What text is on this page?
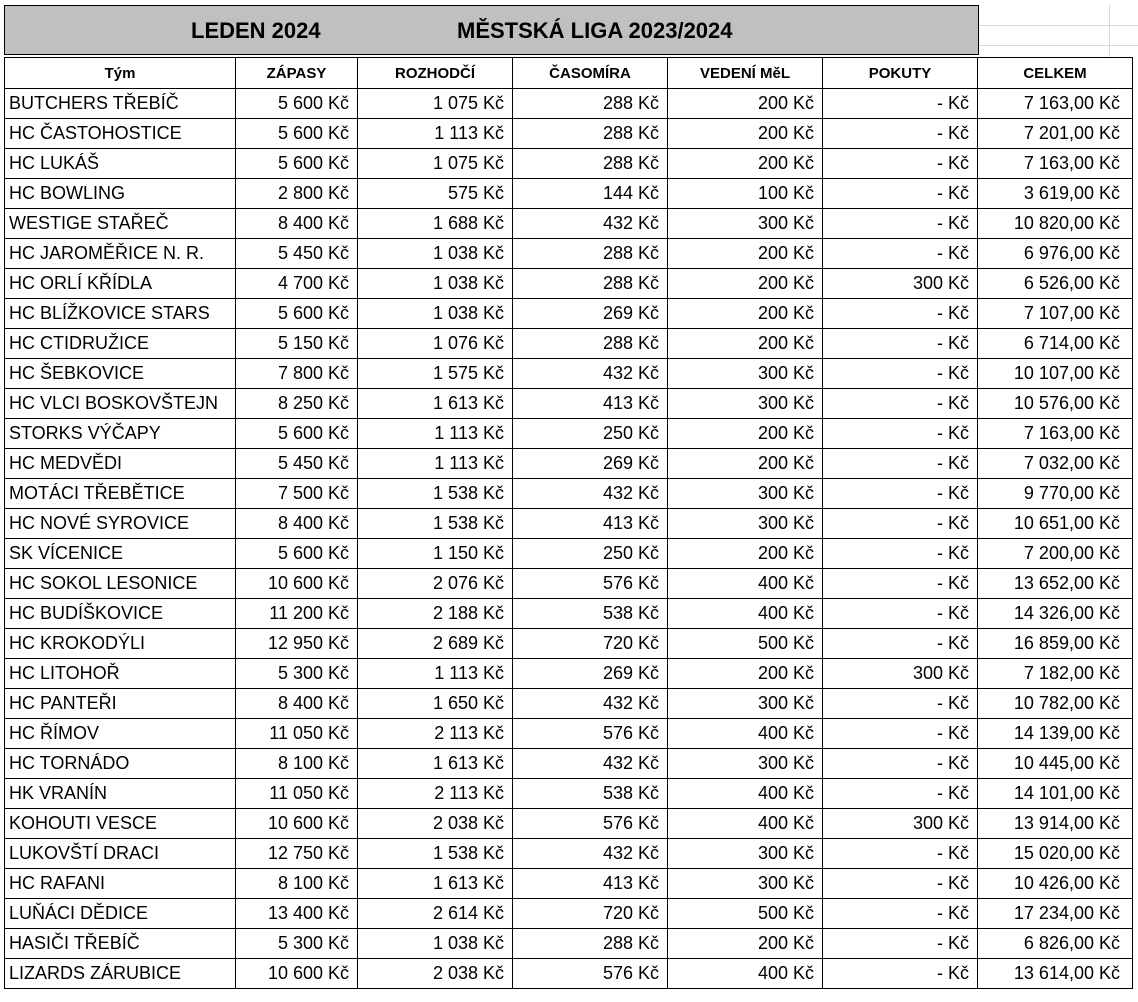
LEDEN 2024	MĚSTSKÁ LIGA 2023/2024
Tým	ZÁPASY	ROZHODČÍ	ČASOMÍRA	VEDENÍ MěL	POKUTY	CELKEM
BUTCHERS TŘEBÍČ	5 600 Kč	1 075 Kč	288 Kč	200 Kč	- Kč	7 163,00 Kč
HC ČASTOHOSTICE	5 600 Kč	1 113 Kč	288 Kč	200 Kč	- Kč	7 201,00 Kč
HC LUKÁŠ	5 600 Kč	1 075 Kč	288 Kč	200 Kč	- Kč	7 163,00 Kč
HC BOWLING	2 800 Kč	575 Kč	144 Kč	100 Kč	- Kč	3 619,00 Kč
WESTIGE STAŘEČ	8 400 Kč	1 688 Kč	432 Kč	300 Kč	- Kč	10 820,00 Kč
HC JAROMĚŘICE N. R.	5 450 Kč	1 038 Kč	288 Kč	200 Kč	- Kč	6 976,00 Kč
HC ORLÍ KŘÍDLA	4 700 Kč	1 038 Kč	288 Kč	200 Kč	300 Kč	6 526,00 Kč
HC BLÍŽKOVICE STARS	5 600 Kč	1 038 Kč	269 Kč	200 Kč	- Kč	7 107,00 Kč
HC CTIDRUŽICE	5 150 Kč	1 076 Kč	288 Kč	200 Kč	- Kč	6 714,00 Kč
HC ŠEBKOVICE	7 800 Kč	1 575 Kč	432 Kč	300 Kč	- Kč	10 107,00 Kč
HC VLCI BOSKOVŠTEJN	8 250 Kč	1 613 Kč	413 Kč	300 Kč	- Kč	10 576,00 Kč
STORKS VÝČAPY	5 600 Kč	1 113 Kč	250 Kč	200 Kč	- Kč	7 163,00 Kč
HC MEDVĚDI	5 450 Kč	1 113 Kč	269 Kč	200 Kč	- Kč	7 032,00 Kč
MOTÁCI TŘEBĚTICE	7 500 Kč	1 538 Kč	432 Kč	300 Kč	- Kč	9 770,00 Kč
HC NOVÉ SYROVICE	8 400 Kč	1 538 Kč	413 Kč	300 Kč	- Kč	10 651,00 Kč
SK VÍCENICE	5 600 Kč	1 150 Kč	250 Kč	200 Kč	- Kč	7 200,00 Kč
HC SOKOL LESONICE	10 600 Kč	2 076 Kč	576 Kč	400 Kč	- Kč	13 652,00 Kč
HC BUDÍŠKOVICE	11 200 Kč	2 188 Kč	538 Kč	400 Kč	- Kč	14 326,00 Kč
HC KROKODÝLI	12 950 Kč	2 689 Kč	720 Kč	500 Kč	- Kč	16 859,00 Kč
HC LITOHOŘ	5 300 Kč	1 113 Kč	269 Kč	200 Kč	300 Kč	7 182,00 Kč
HC PANTEŘI	8 400 Kč	1 650 Kč	432 Kč	300 Kč	- Kč	10 782,00 Kč
HC ŘÍMOV	11 050 Kč	2 113 Kč	576 Kč	400 Kč	- Kč	14 139,00 Kč
HC TORNÁDO	8 100 Kč	1 613 Kč	432 Kč	300 Kč	- Kč	10 445,00 Kč
HK VRANÍN	11 050 Kč	2 113 Kč	538 Kč	400 Kč	- Kč	14 101,00 Kč
KOHOUTI VESCE	10 600 Kč	2 038 Kč	576 Kč	400 Kč	300 Kč	13 914,00 Kč
LUKOVŠTÍ DRACI	12 750 Kč	1 538 Kč	432 Kč	300 Kč	- Kč	15 020,00 Kč
HC RAFANI	8 100 Kč	1 613 Kč	413 Kč	300 Kč	- Kč	10 426,00 Kč
LUŇÁCI DĚDICE	13 400 Kč	2 614 Kč	720 Kč	500 Kč	- Kč	17 234,00 Kč
HASIČI TŘEBÍČ	5 300 Kč	1 038 Kč	288 Kč	200 Kč	- Kč	6 826,00 Kč
LIZARDS ZÁRUBICE	10 600 Kč	2 038 Kč	576 Kč	400 Kč	- Kč	13 614,00 Kč
